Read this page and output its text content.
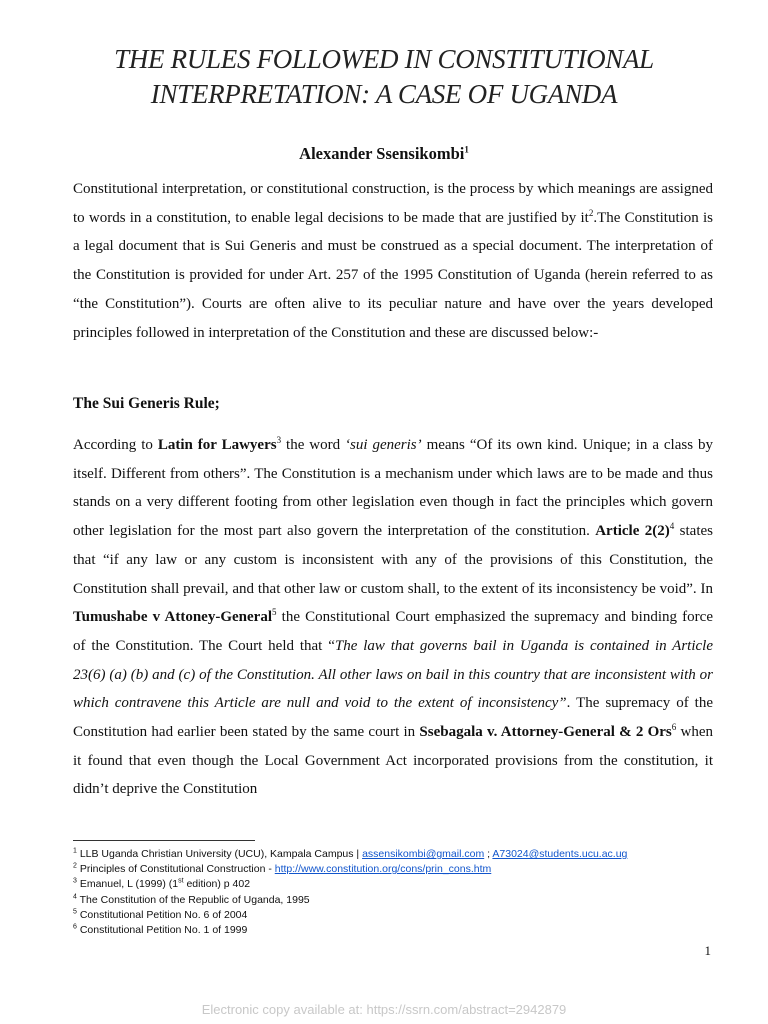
THE RULES FOLLOWED IN CONSTITUTIONAL
INTERPRETATION: A CASE OF UGANDA
Alexander Ssensikombi$^1$
Constitutional interpretation, or constitutional construction, is the process by which meanings are assigned to words in a constitution, to enable legal decisions to be made that are justified by $it^2.The$ Constitution is a legal document that is Sui Generis and must be construed as a special document. The interpretation of the Constitution is provided for under Art. 257 of the 1995 Constitution of Uganda (herein referred to as “the Constitution”). Courts are often alive to its peculiar nature and have over the years developed principles followed in interpretation of the Constitution and these are discussed below:-
The Sui Generis Rule;
According to Latin for Lawyers$^3$ the word ‘sui generis’ means “Of its own kind. Unique; in a class by itself. Different from others”. The Constitution is a mechanism under which laws are to be made and thus stands on a very different footing from other legislation even though in fact the principles which govern other legislation for the most part also govern the interpretation of the constitution. Article $2(2)^4$ states that “if any law or any custom is inconsistent with any of the provisions of this Constitution, the Constitution shall prevail, and that other law or custom shall, to the extent of its inconsistency be void”. In Tumushabe v Attoney-General$^5$ the Constitutional Court emphasized the supremacy and binding force of the Constitution. The Court held that “The law that governs bail in Uganda is contained in Article 23(6) (a) (b) and (c) of the Constitution. All other laws on bail in this country that are inconsistent with or which contravene this Article are null and void to the extent of inconsistency”. The supremacy of the Constitution had earlier been stated by the same court in Ssebagala v. Attorney-General & 2 Ors$^6$ when it found that even though the Local Government Act incorporated provisions from the constitution, it didn’t deprive the Constitution
$^1$ LLB Uganda Christian University (UCU), Kampala Campus | assensikombi@gmail.com ; A73024@students.ucu.ac.ug
$^2$ Principles of Constitutional Construction - http://www.constitution.org/cons/prin_cons.htm
$^3$ Emanuel, L (1999) (1st edition) p 402
$^4$ The Constitution of the Republic of Uganda, 1995
$^5$ Constitutional Petition No. 6 of 2004
$^6$ Constitutional Petition No. 1 of 1999
1
Electronic copy available at: https://ssrn.com/abstract=2942879
